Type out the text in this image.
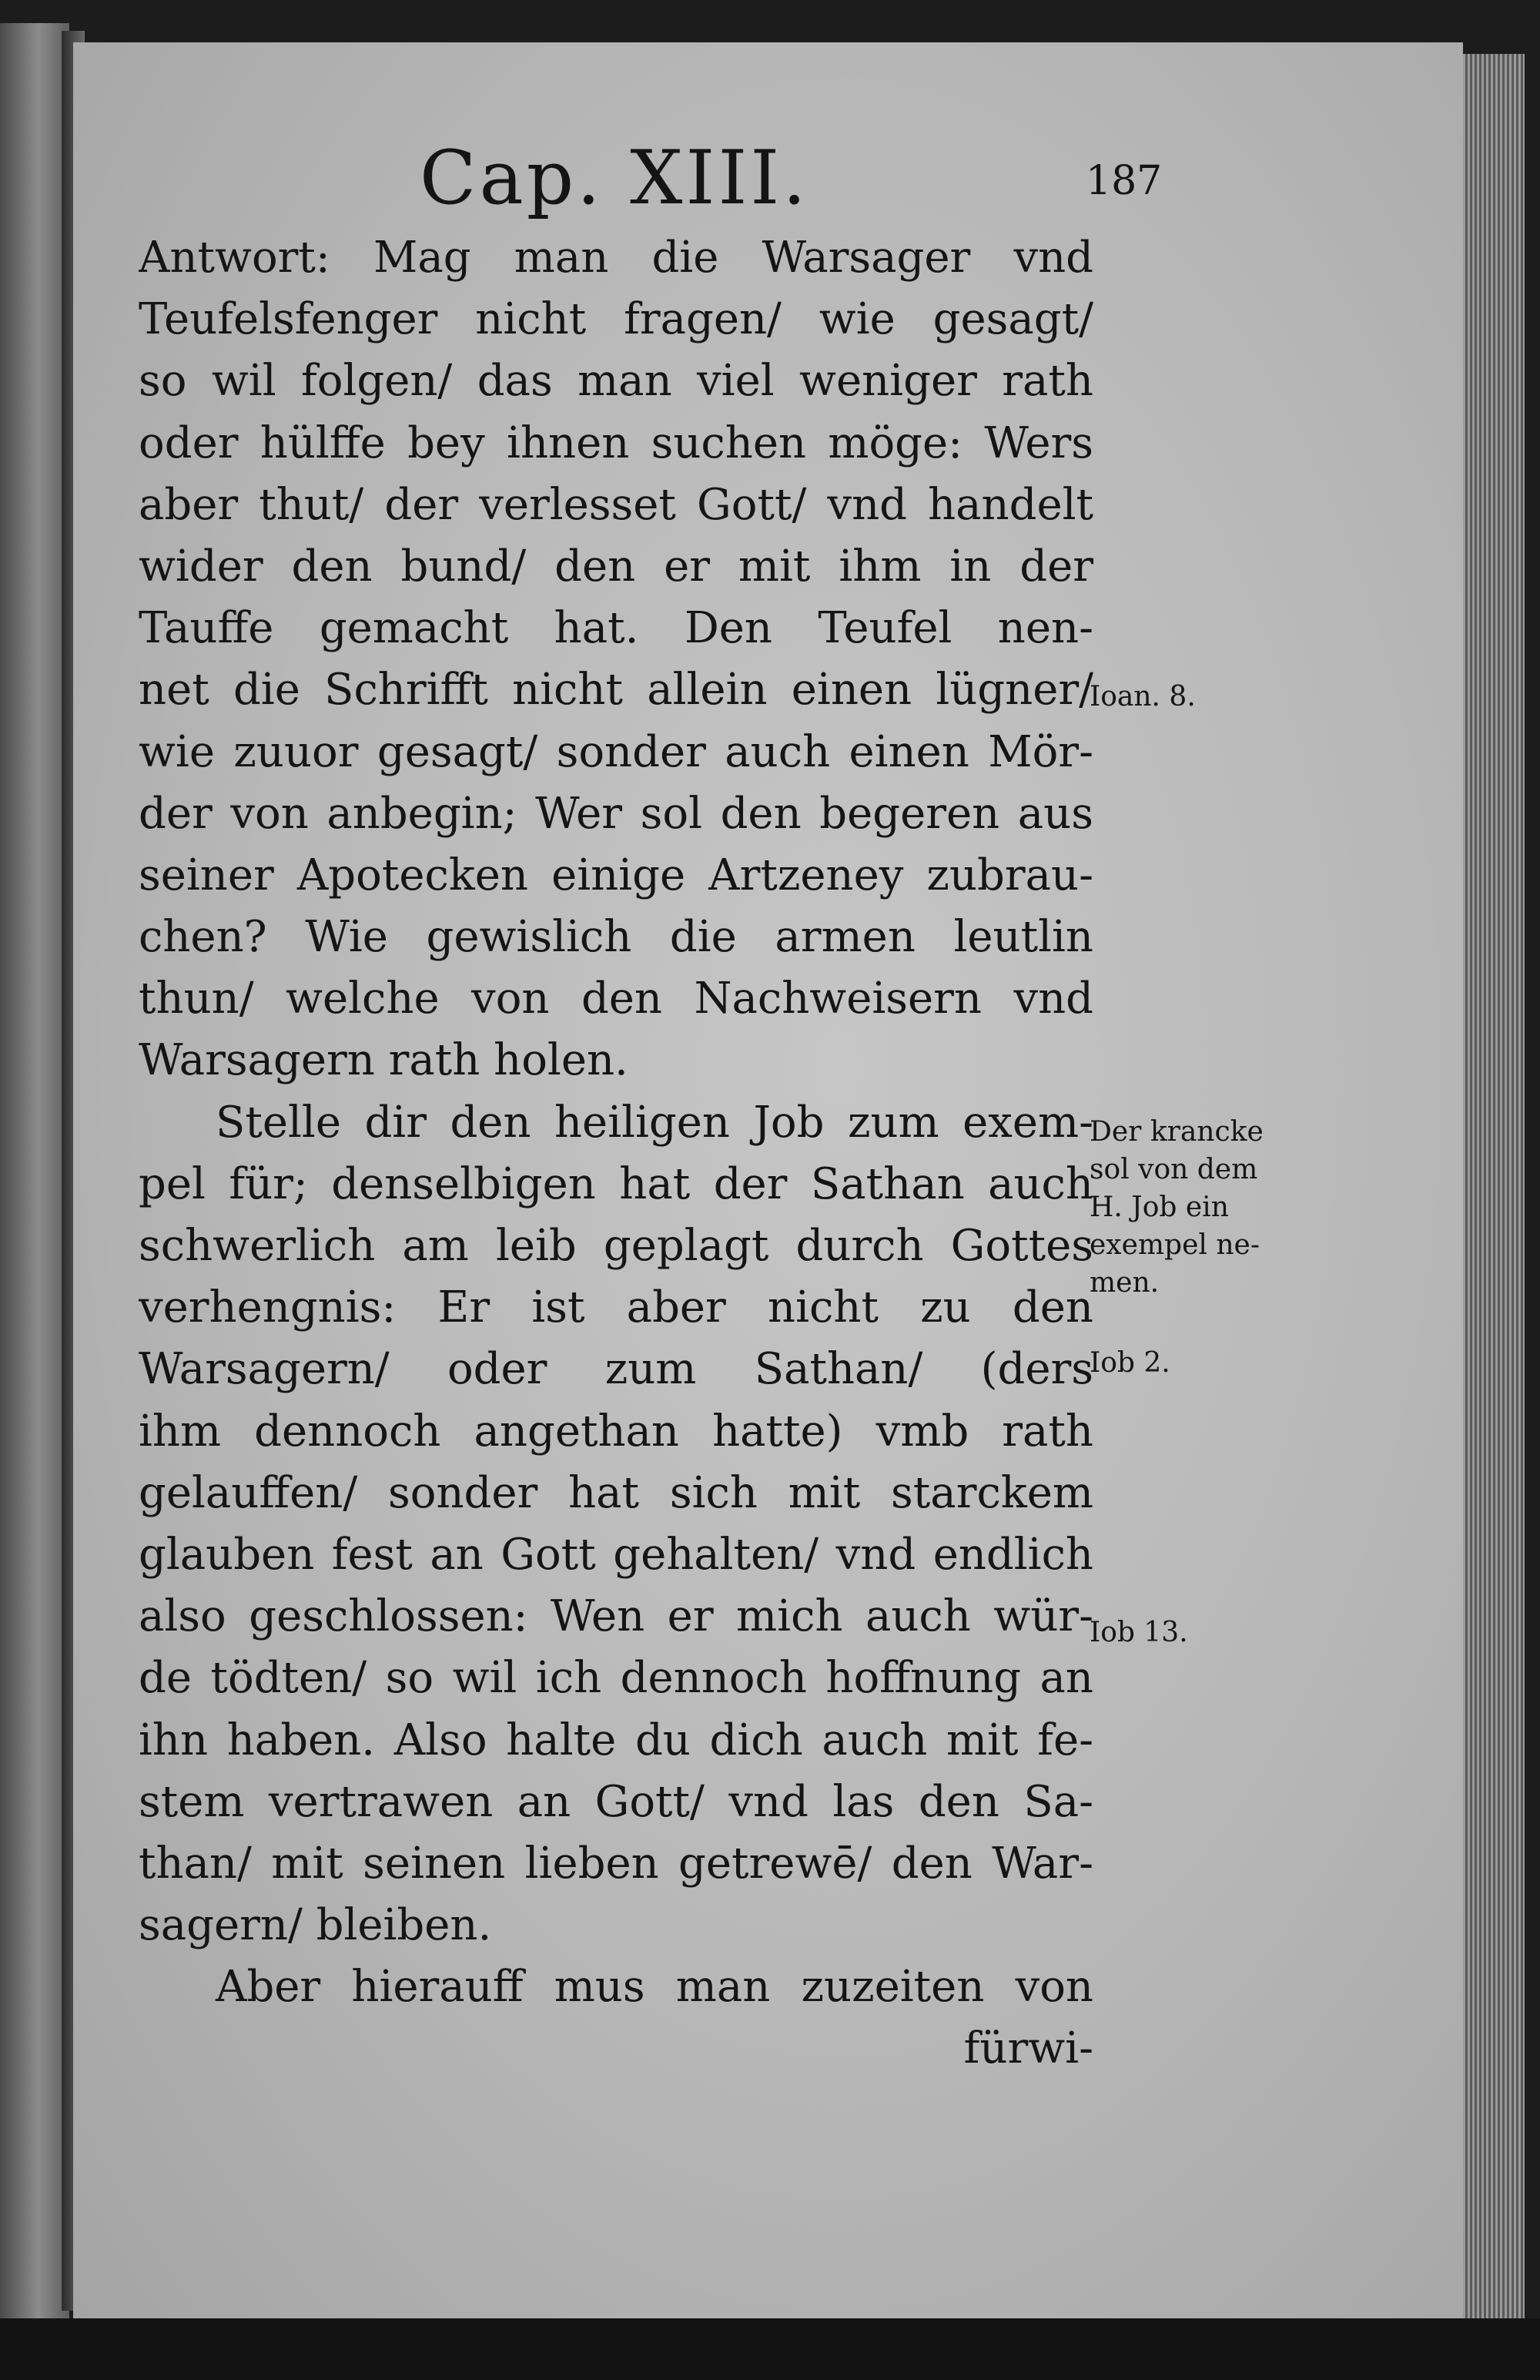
Cap. XIII.	187
Antwort: Mag man die Warsager vnd
Teufelsfenger nicht fragen/ wie gesagt/
so wil folgen/ das man viel weniger rath
oder hülffe bey ihnen suchen möge: Wers
aber thut/ der verlesset Gott/ vnd handelt
wider den bund/ den er mit ihm in der
Tauffe gemacht hat. Den Teufel nen-
net die Schrifft nicht allein einen lügner/
wie zuuor gesagt/ sonder auch einen Mör-
der von anbegin; Wer sol den begeren aus
seiner Apotecken einige Artzeney zubrau-
chen? Wie gewislich die armen leutlin
thun/ welche von den Nachweisern vnd
Warsagern rath holen.
Stelle dir den heiligen Job zum exem-
pel für; denselbigen hat der Sathan auch
schwerlich am leib geplagt durch Gottes
verhengnis: Er ist aber nicht zu den
Warsagern/ oder zum Sathan/ (ders
ihm dennoch angethan hatte) vmb rath
gelauffen/ sonder hat sich mit starckem
glauben fest an Gott gehalten/ vnd endlich
also geschlossen: Wen er mich auch wür-
de tödten/ so wil ich dennoch hoffnung an
ihn haben. Also halte du dich auch mit fe-
stem vertrawen an Gott/ vnd las den Sa-
than/ mit seinen lieben getrewē/ den War-
sagern/ bleiben.
Aber hierauff mus man zuzeiten von
fürwi-
Ioan. 8.
Der krancke
sol von dem
H. Job ein
exempel ne-
men.
Iob 2.
Iob 13.
